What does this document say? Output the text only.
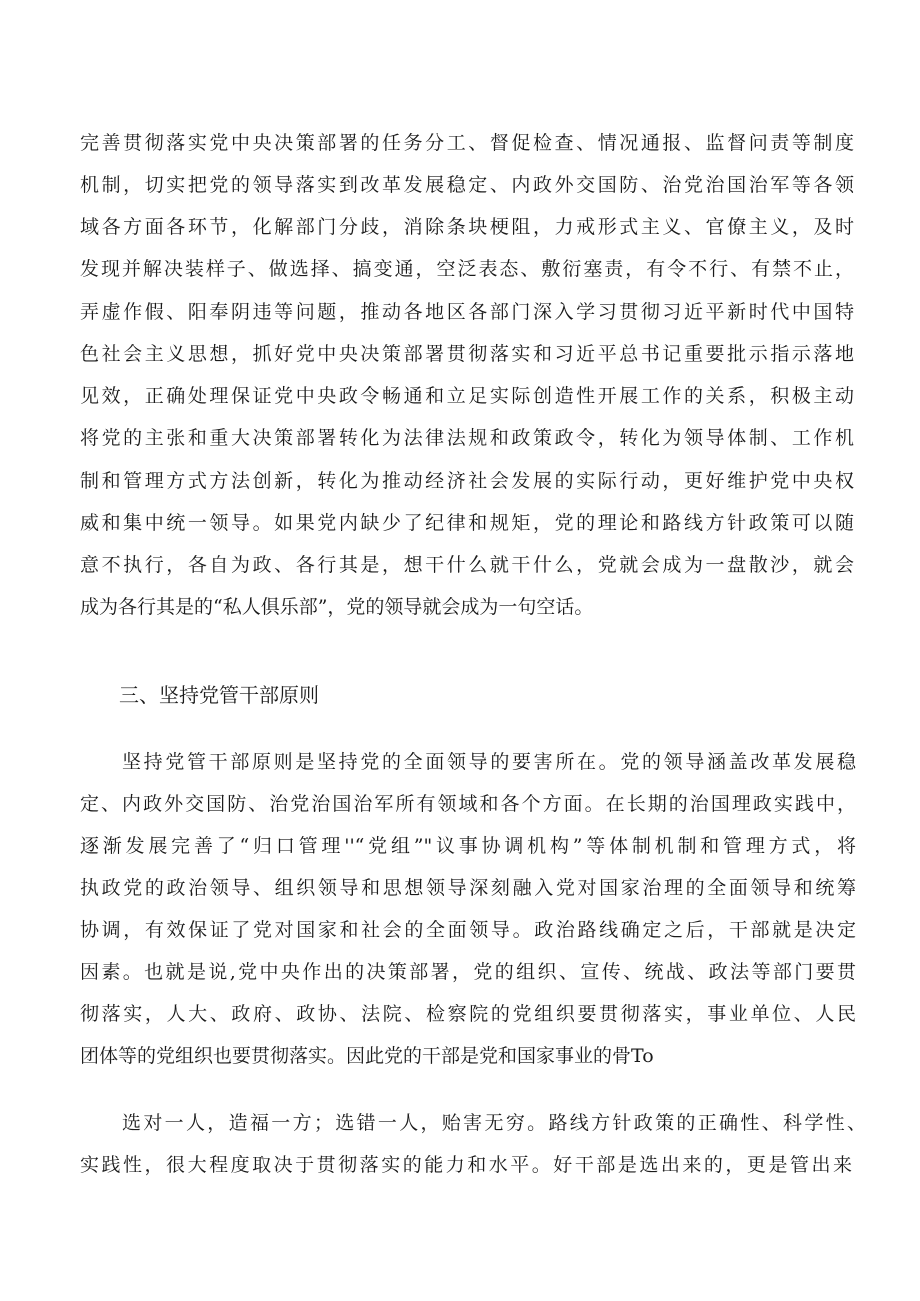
完善贯彻落实党中央决策部署的任务分工、督促检查、情况通报、监督问责等制度
机制，切实把党的领导落实到改革发展稳定、内政外交国防、治党治国治军等各领
域各方面各环节，化解部门分歧，消除条块梗阻，力戒形式主义、官僚主义，及时
发现并解决装样子、做选择、搞变通，空泛表态、敷衍塞责，有令不行、有禁不止，
弄虚作假、阳奉阴违等问题，推动各地区各部门深入学习贯彻习近平新时代中国特
色社会主义思想，抓好党中央决策部署贯彻落实和习近平总书记重要批示指示落地
见效，正确处理保证党中央政令畅通和立足实际创造性开展工作的关系，积极主动
将党的主张和重大决策部署转化为法律法规和政策政令，转化为领导体制、工作机
制和管理方式方法创新，转化为推动经济社会发展的实际行动，更好维护党中央权
威和集中统一领导。如果党内缺少了纪律和规矩，党的理论和路线方针政策可以随
意不执行，各自为政、各行其是，想干什么就干什么，党就会成为一盘散沙，就会
成为各行其是的“私人俱乐部”，党的领导就会成为一句空话。
三、坚持党管干部原则
坚持党管干部原则是坚持党的全面领导的要害所在。党的领导涵盖改革发展稳
定、内政外交国防、治党治国治军所有领域和各个方面。在长期的治国理政实践中，
逐渐发展完善了“归口管理''“党组”"议事协调机构”等体制机制和管理方式，将
执政党的政治领导、组织领导和思想领导深刻融入党对国家治理的全面领导和统筹
协调，有效保证了党对国家和社会的全面领导。政治路线确定之后，干部就是决定
因素。也就是说,党中央作出的决策部署，党的组织、宣传、统战、政法等部门要贯
彻落实，人大、政府、政协、法院、检察院的党组织要贯彻落实，事业单位、人民
团体等的党组织也要贯彻落实。因此党的干部是党和国家事业的骨To
选对一人，造福一方；选错一人，贻害无穷。路线方针政策的正确性、科学性、
实践性，很大程度取决于贯彻落实的能力和水平。好干部是选出来的，更是管出来
